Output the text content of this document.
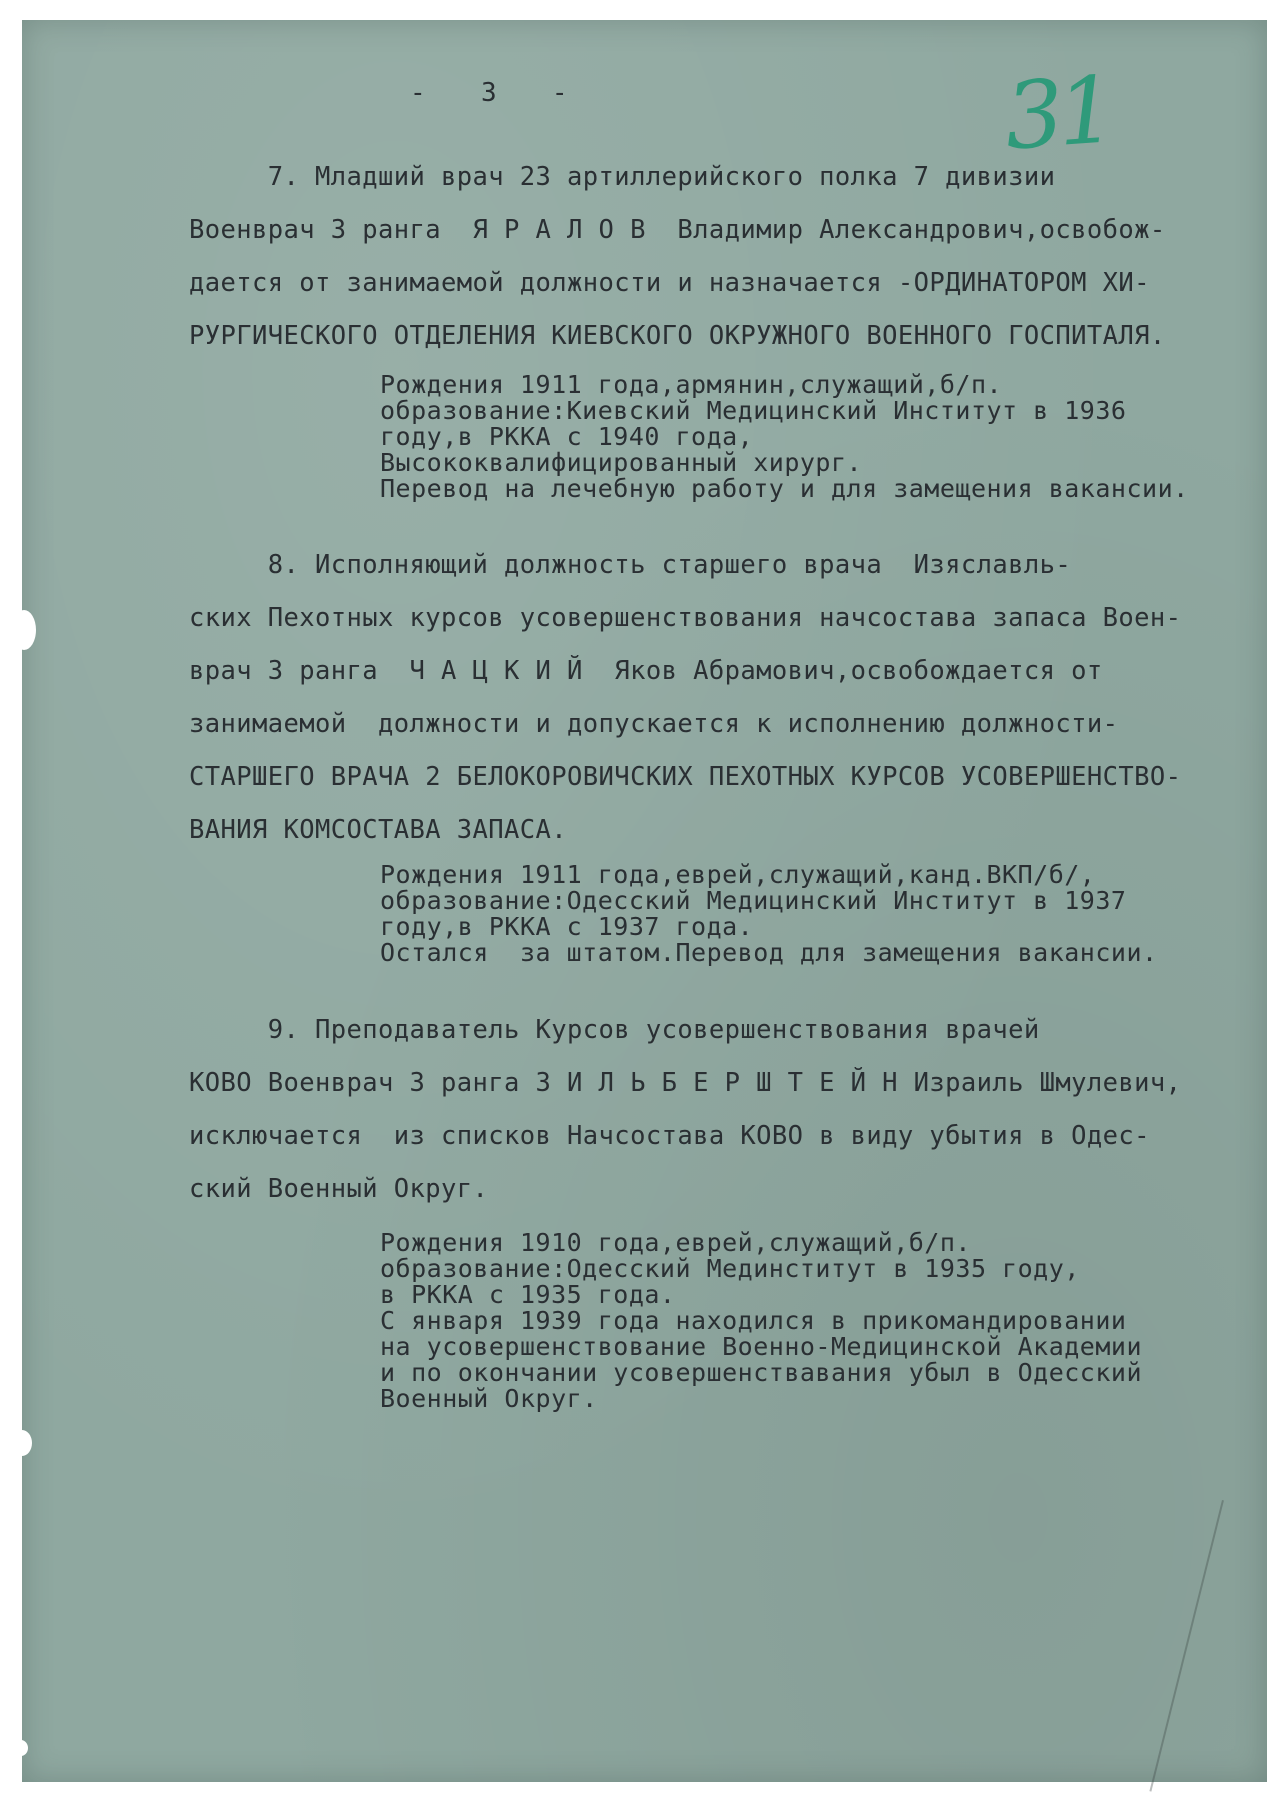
-  3  -	31
7. Младший врач 23 артиллерийского полка 7 дивизии
Военврач 3 ранга  Я Р А Л О В  Владимир Александрович,освобож-
дается от занимаемой должности и назначается -ОРДИНАТОРОМ ХИ-
РУРГИЧЕСКОГО ОТДЕЛЕНИЯ КИЕВСКОГО ОКРУЖНОГО ВОЕННОГО ГОСПИТАЛЯ.
Рождения 1911 года,армянин,служащий,б/п.
образование:Киевский Медицинский Институт в 1936
году,в РККА с 1940 года,
Высококвалифицированный хирург.
Перевод на лечебную работу и для замещения вакансии.
8. Исполняющий должность старшего врача  Изяславль-
ских Пехотных курсов усовершенствования начсостава запаса Воен-
врач 3 ранга  Ч А Ц К И Й  Яков Абрамович,освобождается от
занимаемой  должности и допускается к исполнению должности-
СТАРШЕГО ВРАЧА 2 БЕЛОКОРОВИЧСКИХ ПЕХОТНЫХ КУРСОВ УСОВЕРШЕНСТВО-
ВАНИЯ КОМСОСТАВА ЗАПАСА.
Рождения 1911 года,еврей,служащий,канд.ВКП/б/,
образование:Одесский Медицинский Институт в 1937
году,в РККА с 1937 года.
Остался  за штатом.Перевод для замещения вакансии.
9. Преподаватель Курсов усовершенствования врачей
КОВО Военврач 3 ранга З И Л Ь Б Е Р Ш Т Е Й Н Израиль Шмулевич,
исключается  из списков Начсостава КОВО в виду убытия в Одес-
ский Военный Округ.
Рождения 1910 года,еврей,служащий,б/п.
образование:Одесский Мединститут в 1935 году,
в РККА с 1935 года.
С января 1939 года находился в прикомандировании
на усовершенствование Военно-Медицинской Академии
и по окончании усовершенствавания убыл в Одесский
Военный Округ.
